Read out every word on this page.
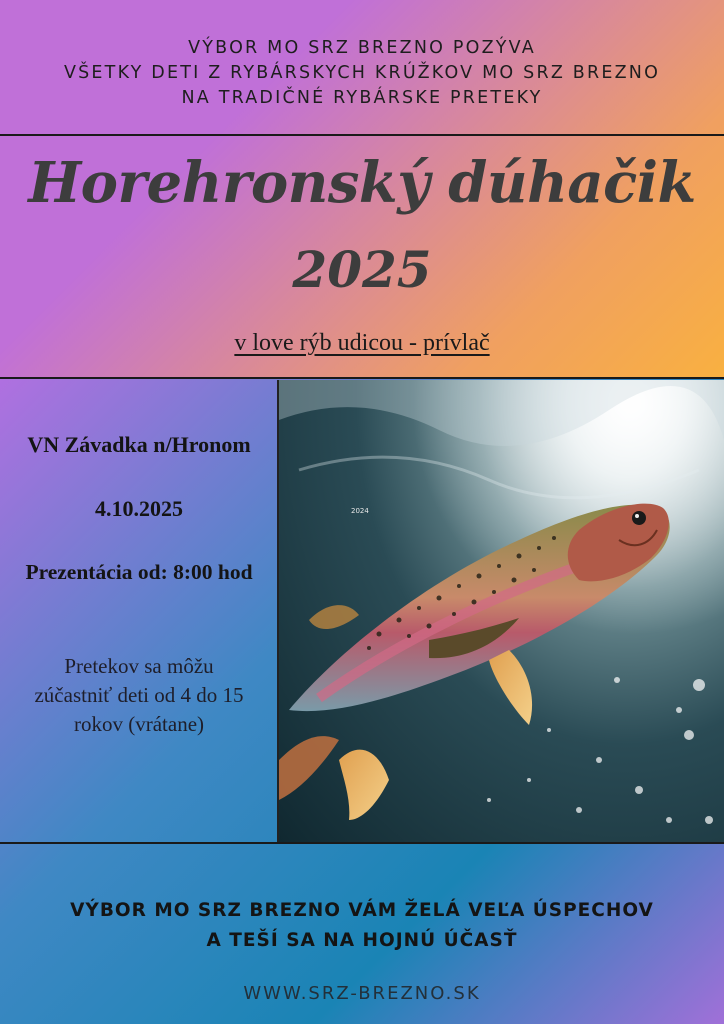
VÝBOR MO SRZ BREZNO POZÝVA
VŠETKY DETI Z RYBÁRSKYCH KRÚŽKOV MO SRZ BREZNO
NA TRADIČNÉ RYBÁRSKE PRETEKY
Horehronský dúhačik
2025
v love rýb udicou - prívlač
VN Závadka n/Hronom
4.10.2025
Prezentácia od: 8:00 hod
Pretekov sa môžu
zúčastniť deti od 4 do 15
rokov (vrátane)
2024
VÝBOR MO SRZ BREZNO VÁM ŽELÁ VEĽA ÚSPECHOV
A TEŠÍ SA NA HOJNÚ ÚČASŤ
WWW.SRZ-BREZNO.SK
